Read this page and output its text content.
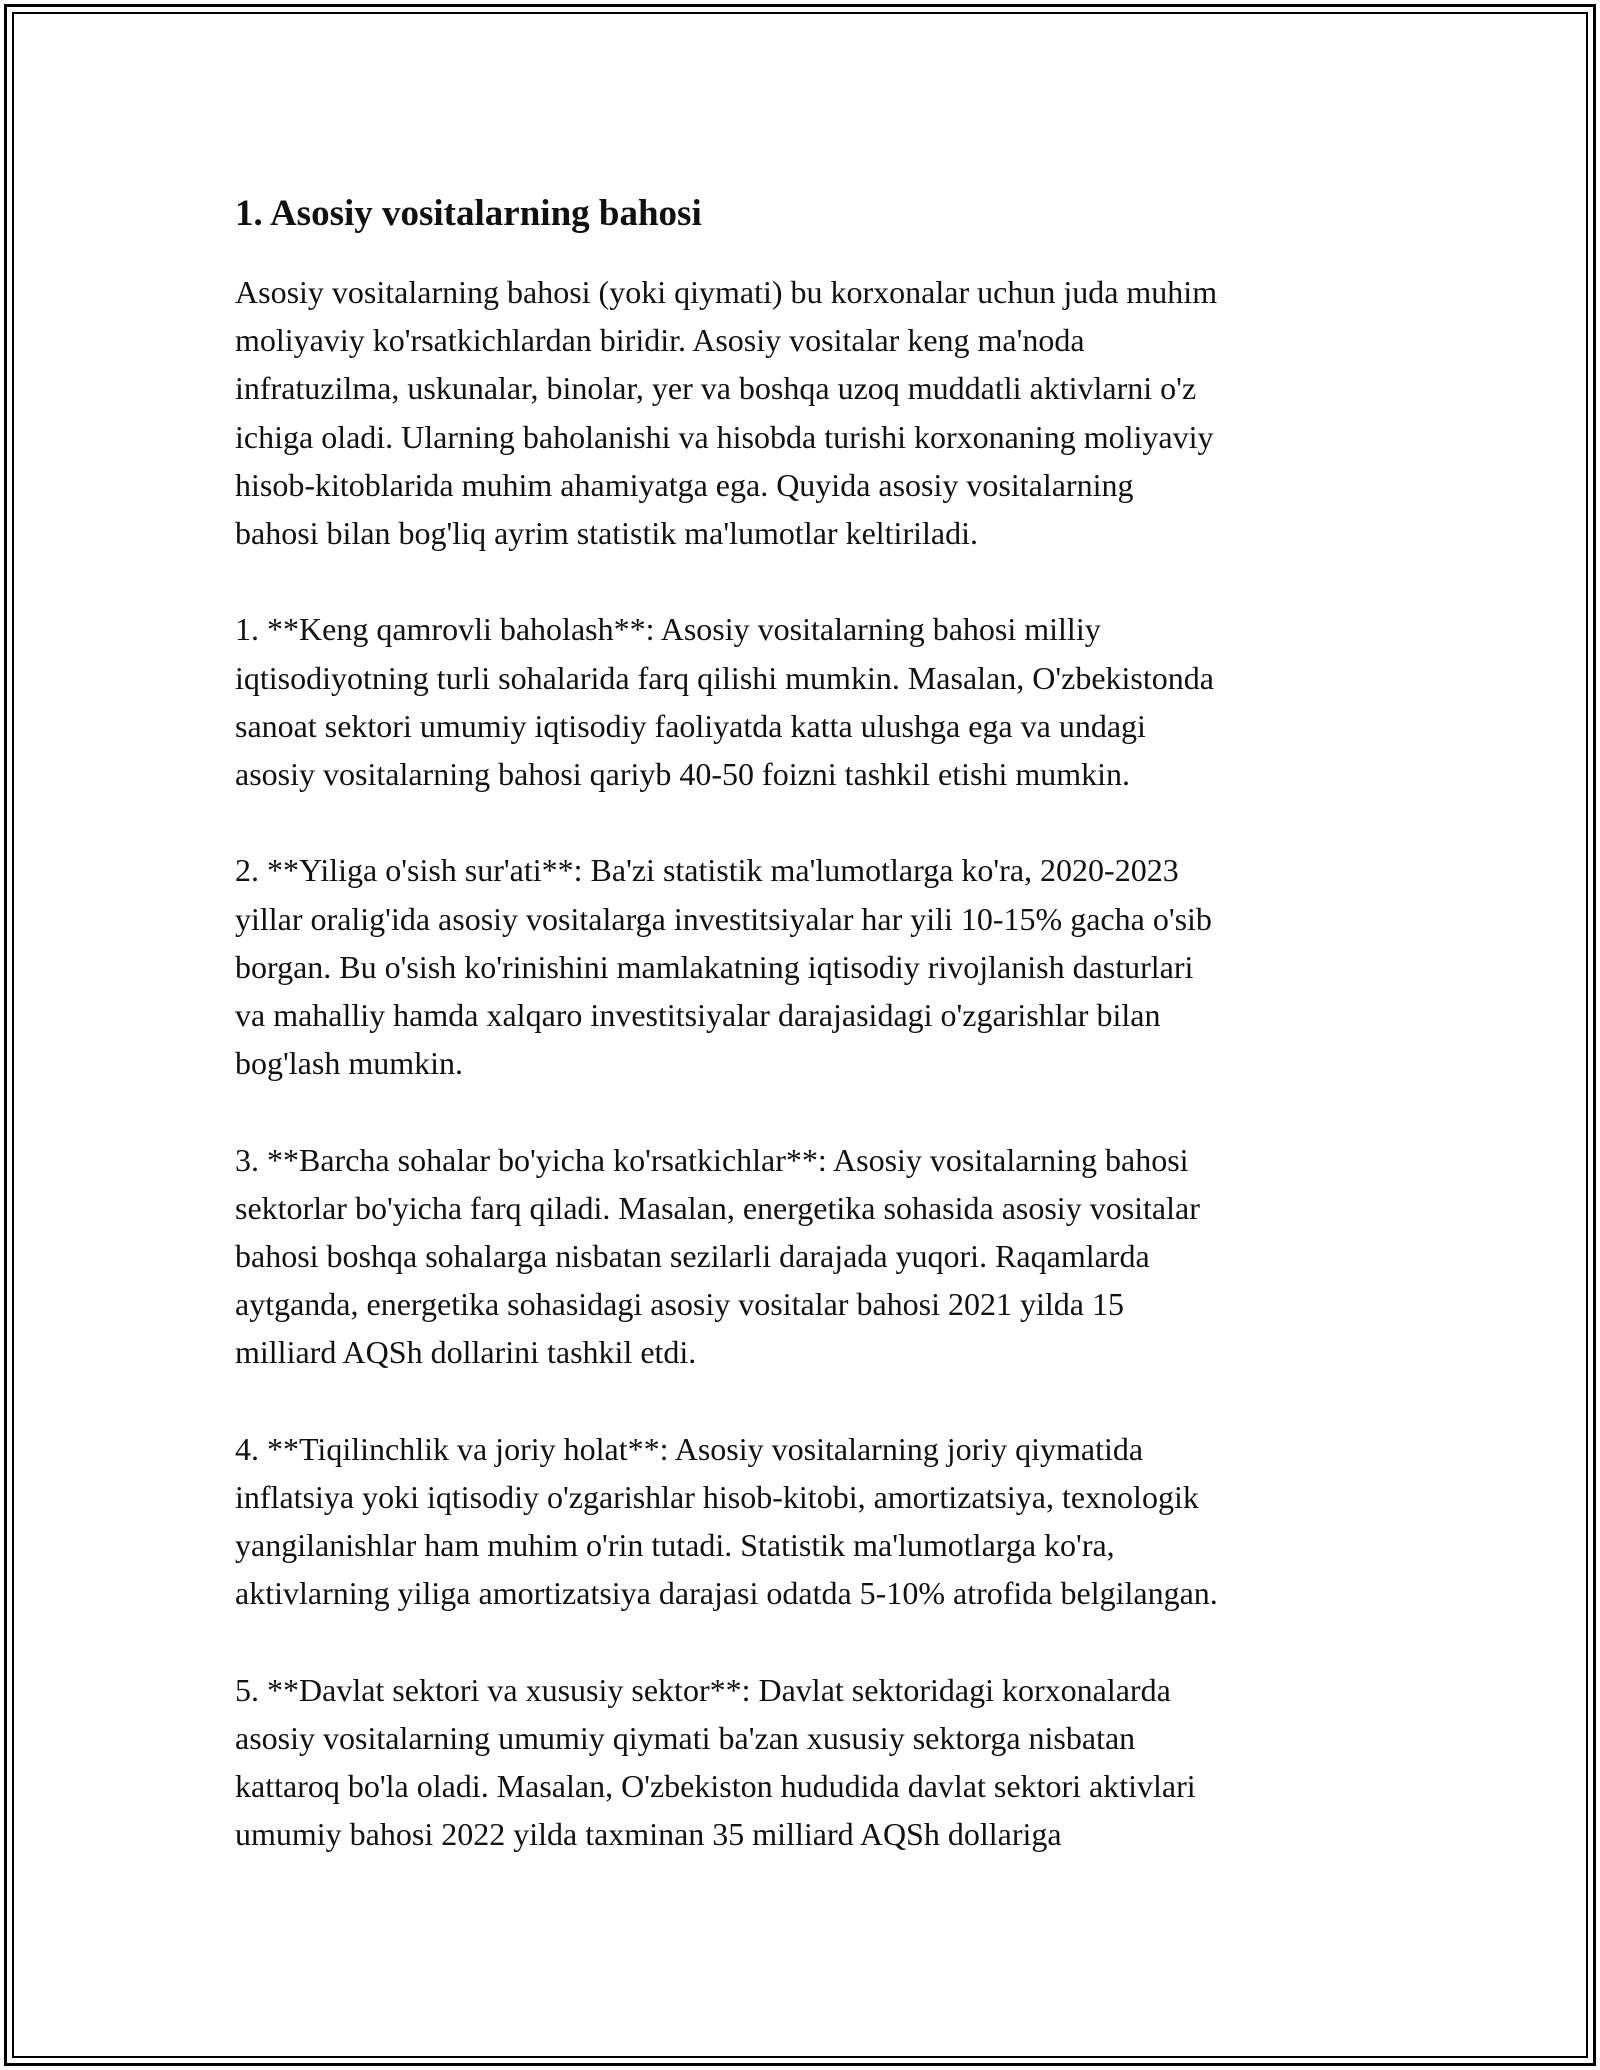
1. Asosiy vositalarning bahosi
Asosiy vositalarning bahosi (yoki qiymati) bu korxonalar uchun juda muhim
moliyaviy ko'rsatkichlardan biridir. Asosiy vositalar keng ma'noda
infratuzilma, uskunalar, binolar, yer va boshqa uzoq muddatli aktivlarni o'z
ichiga oladi. Ularning baholanishi va hisobda turishi korxonaning moliyaviy
hisob-kitoblarida muhim ahamiyatga ega. Quyida asosiy vositalarning
bahosi bilan bog'liq ayrim statistik ma'lumotlar keltiriladi.
1. **Keng qamrovli baholash**: Asosiy vositalarning bahosi milliy
iqtisodiyotning turli sohalarida farq qilishi mumkin. Masalan, O'zbekistonda
sanoat sektori umumiy iqtisodiy faoliyatda katta ulushga ega va undagi
asosiy vositalarning bahosi qariyb 40-50 foizni tashkil etishi mumkin.
2. **Yiliga o'sish sur'ati**: Ba'zi statistik ma'lumotlarga ko'ra, 2020-2023
yillar oralig'ida asosiy vositalarga investitsiyalar har yili 10-15% gacha o'sib
borgan. Bu o'sish ko'rinishini mamlakatning iqtisodiy rivojlanish dasturlari
va mahalliy hamda xalqaro investitsiyalar darajasidagi o'zgarishlar bilan
bog'lash mumkin.
3. **Barcha sohalar bo'yicha ko'rsatkichlar**: Asosiy vositalarning bahosi
sektorlar bo'yicha farq qiladi. Masalan, energetika sohasida asosiy vositalar
bahosi boshqa sohalarga nisbatan sezilarli darajada yuqori. Raqamlarda
aytganda, energetika sohasidagi asosiy vositalar bahosi 2021 yilda 15
milliard AQSh dollarini tashkil etdi.
4. **Tiqilinchlik va joriy holat**: Asosiy vositalarning joriy qiymatida
inflatsiya yoki iqtisodiy o'zgarishlar hisob-kitobi, amortizatsiya, texnologik
yangilanishlar ham muhim o'rin tutadi. Statistik ma'lumotlarga ko'ra,
aktivlarning yiliga amortizatsiya darajasi odatda 5-10% atrofida belgilangan.
5. **Davlat sektori va xususiy sektor**: Davlat sektoridagi korxonalarda
asosiy vositalarning umumiy qiymati ba'zan xususiy sektorga nisbatan
kattaroq bo'la oladi. Masalan, O'zbekiston hududida davlat sektori aktivlari
umumiy bahosi 2022 yilda taxminan 35 milliard AQSh dollariga
